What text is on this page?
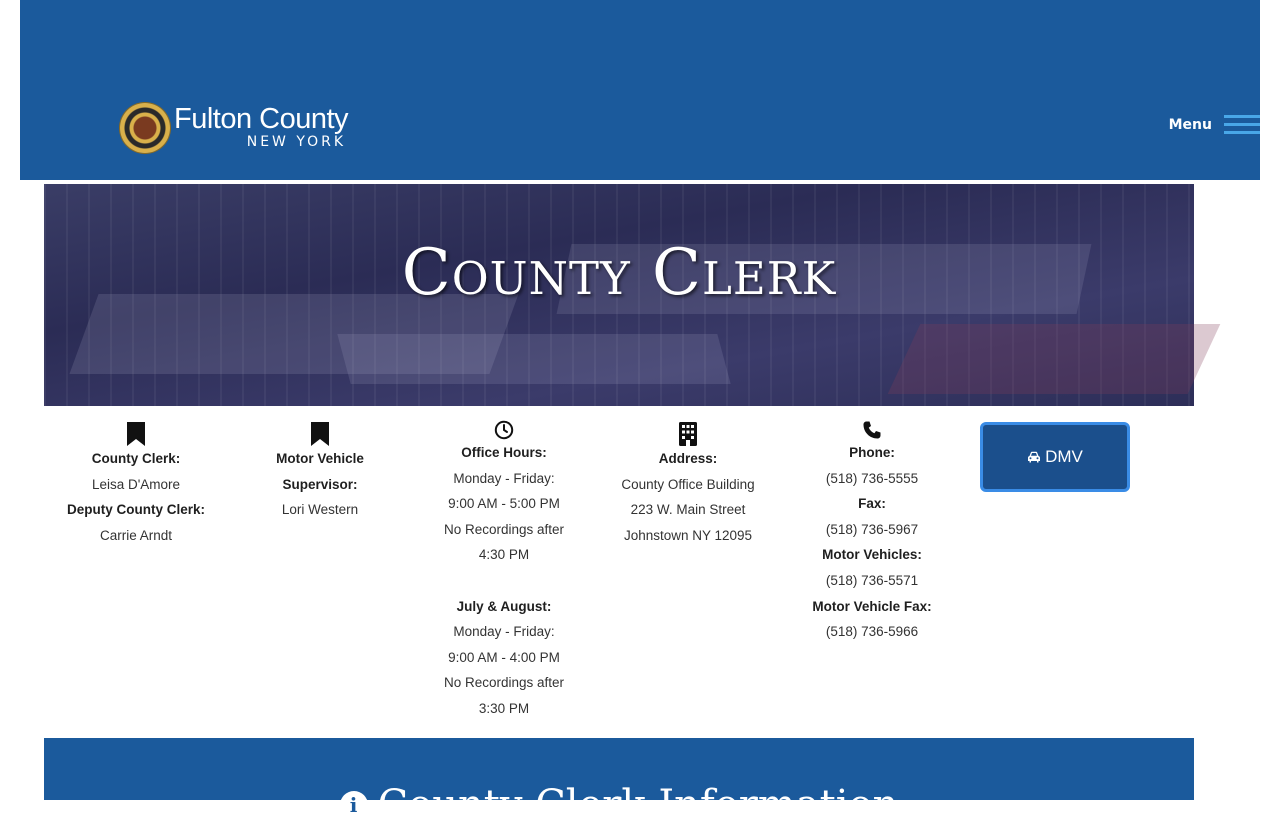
Fulton County
NEW YORK
Menu
County Clerk
County Clerk:
Leisa D'Amore
Deputy County Clerk:
Carrie Arndt
Motor Vehicle
Supervisor:
Lori Western
Office Hours:
Monday - Friday:
9:00 AM - 5:00 PM
No Recordings after
4:30 PM

July & August:
Monday - Friday:
9:00 AM - 4:00 PM
No Recordings after
3:30 PM
Address:
County Office Building
223 W. Main Street
Johnstown NY 12095
Phone:
(518) 736-5555
Fax:
(518) 736-5967
Motor Vehicles:
(518) 736-5571
Motor Vehicle Fax:
(518) 736-5966
DMV
i County Clerk Information
